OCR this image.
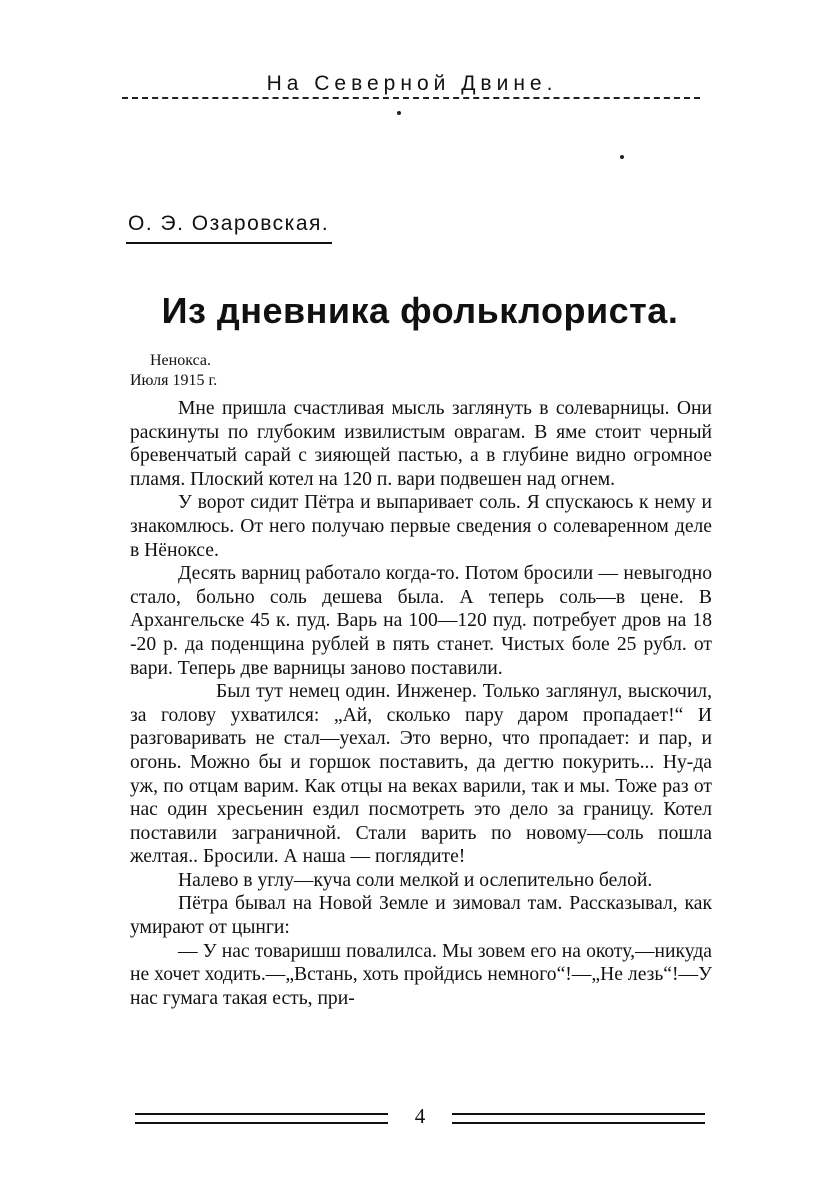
На Северной Двине.
О. Э. Озаровская.
Из дневника фольклориста.
Ненокса.
Июля 1915 г.

Мне пришла счастливая мысль заглянуть в солеварницы. Они раскинуты по глубоким извилистым оврагам. В яме стоит черный бревенчатый сарай с зияющей пастью, а в глубине видно огромное пламя. Плоский котел на 120 п. вари подвешен над огнем.

У ворот сидит Пётра и выпаривает соль. Я спускаюсь к нему и знакомлюсь. От него получаю первые сведения о солеваренном деле в Нёноксе.

Десять варниц работало когда-то. Потом бросили — невыгодно стало, больно соль дешева была. А теперь соль—в цене. В Архангельске 45 к. пуд. Варь на 100—120 пуд. потребует дров на 18 -20 р. да поденщина рублей в пять станет. Чистых боле 25 рубл. от вари. Теперь две варницы заново поставили.

Был тут немец один. Инженер. Только заглянул, выскочил, за голову ухватился: „Ай, сколько пару даром пропадает!“ И разговаривать не стал—уехал. Это верно, что пропадает: и пар, и огонь. Можно бы и горшок поставить, да дегтю покурить... Ну-да уж, по отцам варим. Как отцы на веках варили, так и мы. Тоже раз от нас один хресьенин ездил посмотреть это дело за границу. Котел поставили заграничной. Стали варить по новому—соль пошла желтая.. Бросили. А наша — поглядите!

Налево в углу—куча соли мелкой и ослепительно белой.

Пётра бывал на Новой Земле и зимовал там. Рассказывал, как умирают от цынги:

— У нас товаришш повалилса. Мы зовем его на окоту,—никуда не хочет ходить.—„Встань, хоть пройдись немного“!—„Не лезь“!—У нас гумага такая есть, при-

4
